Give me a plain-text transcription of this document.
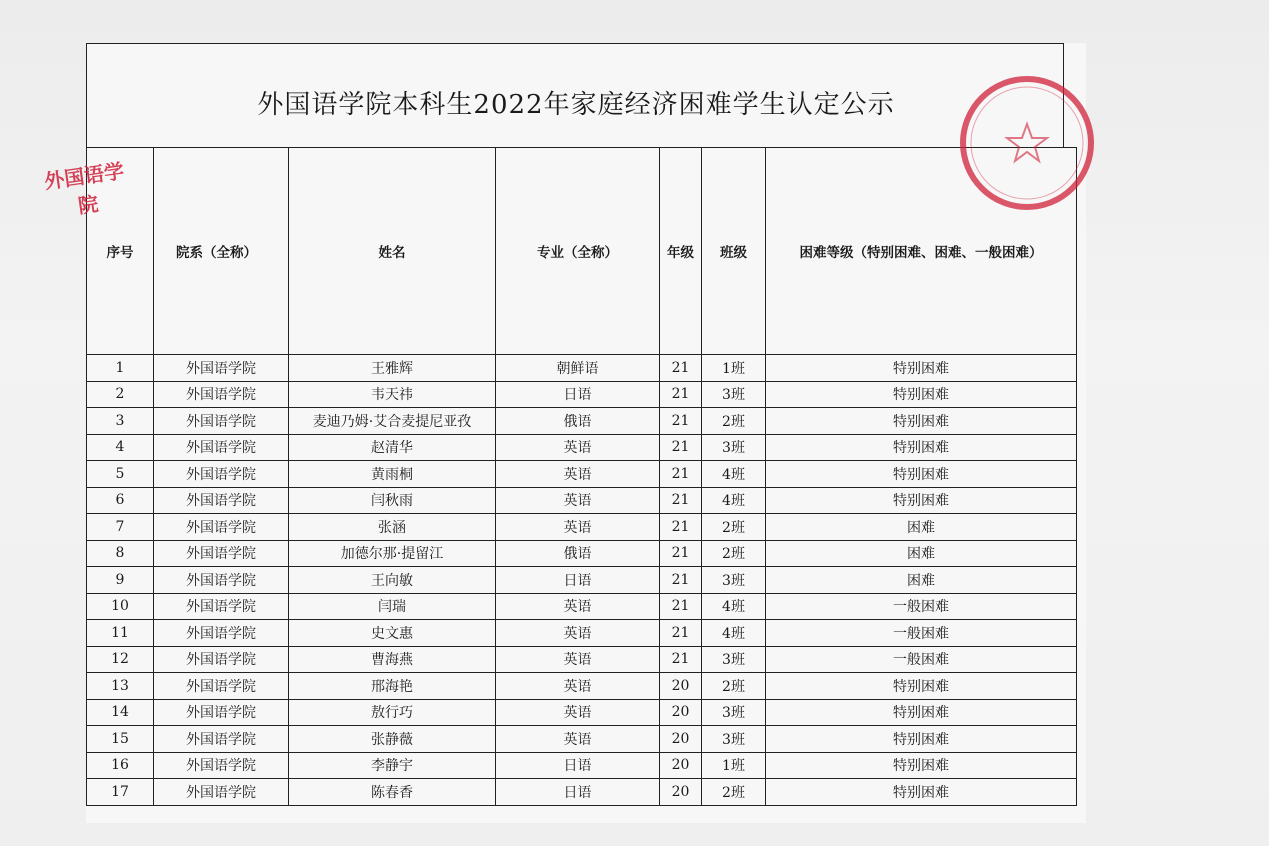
外国语学院本科生2022年家庭经济困难学生认定公示
序号	院系（全称）	姓名	专业（全称）	年级	班级	困难等级（特别困难、困难、一般困难）
1	外国语学院	王雅辉	朝鲜语	21	1班	特别困难
2	外国语学院	韦天祎	日语	21	3班	特别困难
3	外国语学院	麦迪乃姆·艾合麦提尼亚孜	俄语	21	2班	特别困难
4	外国语学院	赵清华	英语	21	3班	特别困难
5	外国语学院	黄雨桐	英语	21	4班	特别困难
6	外国语学院	闫秋雨	英语	21	4班	特别困难
7	外国语学院	张涵	英语	21	2班	困难
8	外国语学院	加德尔那·提留江	俄语	21	2班	困难
9	外国语学院	王向敏	日语	21	3班	困难
10	外国语学院	闫瑞	英语	21	4班	一般困难
11	外国语学院	史文惠	英语	21	4班	一般困难
12	外国语学院	曹海燕	英语	21	3班	一般困难
13	外国语学院	邢海艳	英语	20	2班	特别困难
14	外国语学院	敖行巧	英语	20	3班	特别困难
15	外国语学院	张静薇	英语	20	3班	特别困难
16	外国语学院	李静宇	日语	20	1班	特别困难
17	外国语学院	陈春香	日语	20	2班	特别困难
外国语学院
